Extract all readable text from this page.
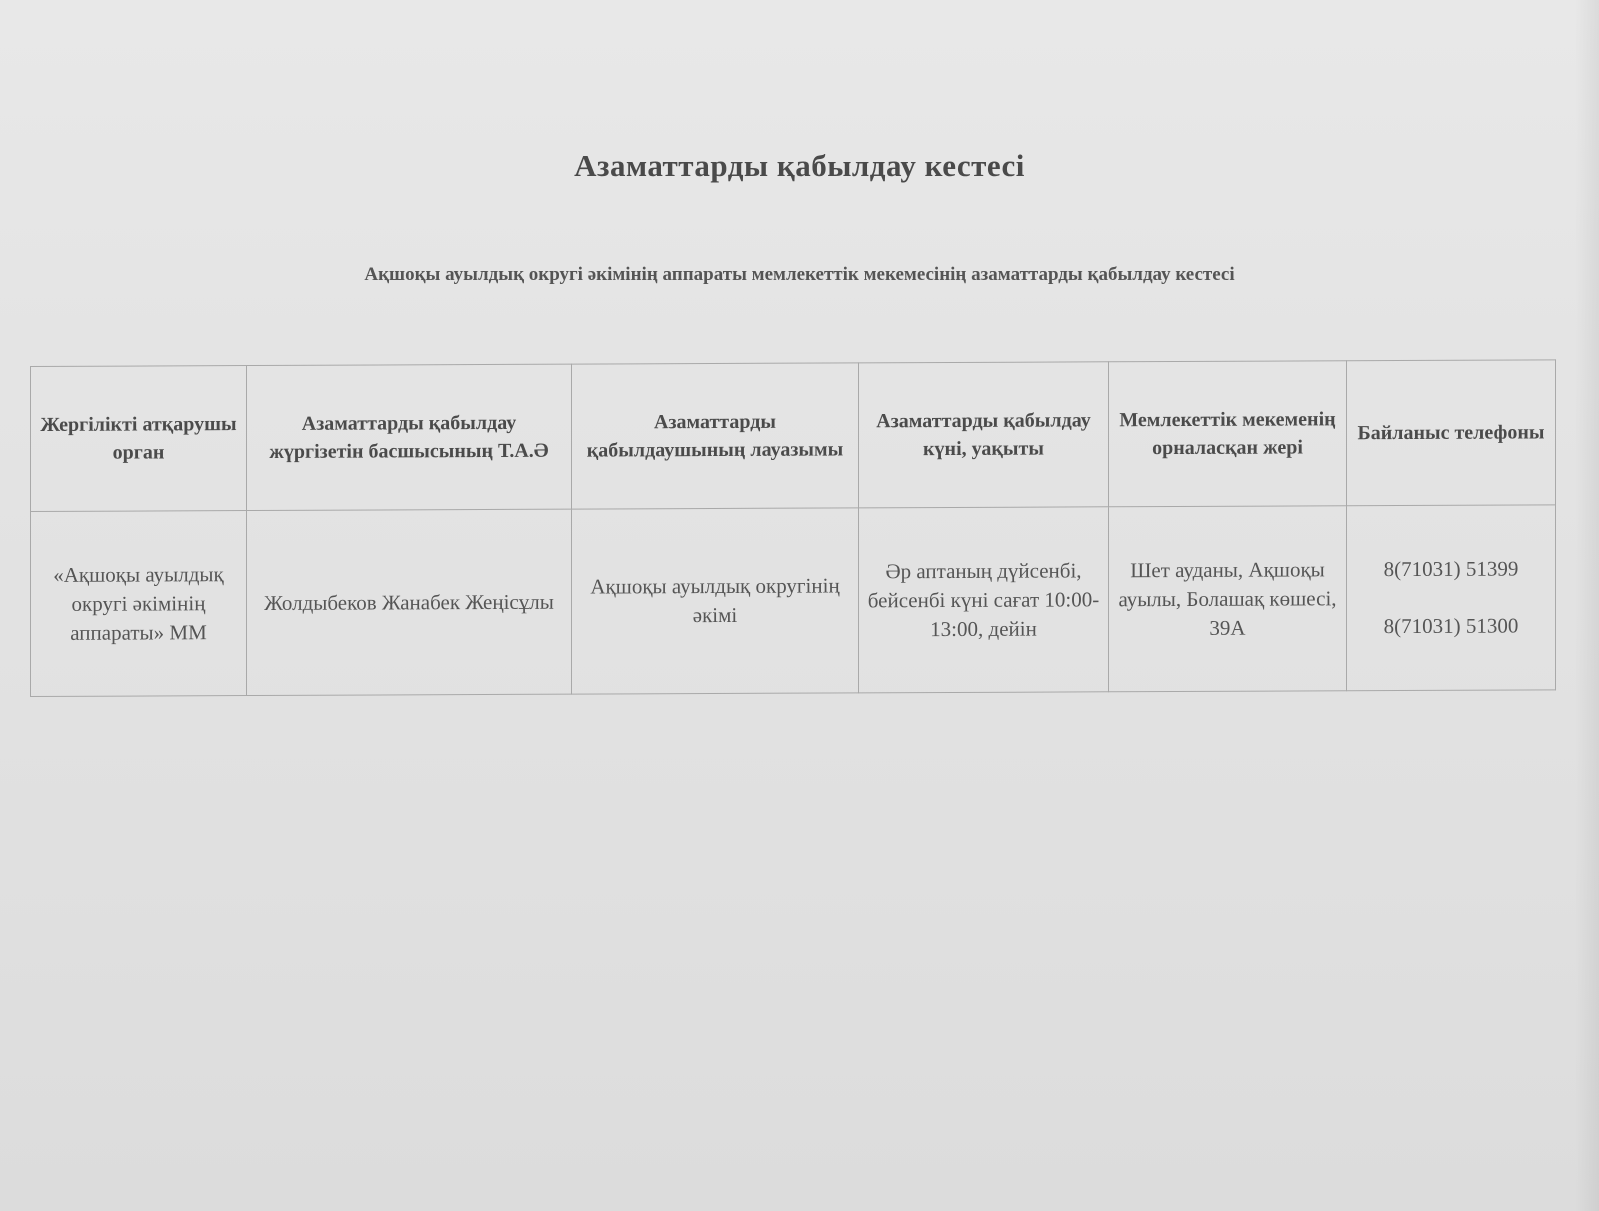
Азаматтарды қабылдау кестесі

Ақшоқы ауылдық округі әкімінің аппараты мемлекеттік мекемесінің азаматтарды қабылдау кестесі

Жергілікті атқарушы орган	Азаматтарды қабылдау жүргізетін басшысының Т.А.Ә	Азаматтарды қабылдаушының лауазымы	Азаматтарды қабылдау күні, уақыты	Мемлекеттік мекеменің орналасқан жері	Байланыс телефоны
«Ақшоқы ауылдық округі әкімінің аппараты» ММ	Жолдыбеков Жанабек Жеңісұлы	Ақшоқы ауылдық округінің әкімі	Әр аптаның дүйсенбі, бейсенбі күні сағат 10:00- 13:00, дейін	Шет ауданы, Ақшоқы ауылы, Болашақ көшесі, 39А	8(71031) 51399
8(71031) 51300
